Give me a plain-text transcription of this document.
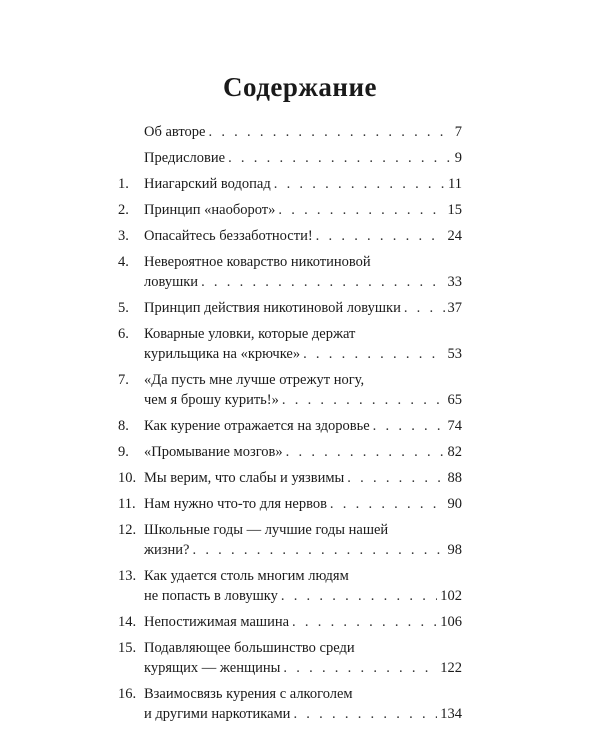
Содержание
Об авторе . . .	7
Предисловие . . .	9
1.	Ниагарский водопад . . .	11
2.	Принцип «наоборот» . . .	15
3.	Опасайтесь беззаботности! . . .	24
4.	Невероятное коварство никотиновой
ловушки . . .	33
5.	Принцип действия никотиновой ловушки . . .	37
6.	Коварные уловки, которые держат
курильщика на «крючке» . . .	53
7.	«Да пусть мне лучше отрежут ногу,
чем я брошу курить!» . . .	65
8.	Как курение отражается на здоровье . . .	74
9.	«Промывание мозгов» . . .	82
10. Мы верим, что слабы и уязвимы . . .	88
11. Нам нужно что-то для нервов . . .	90
12. Школьные годы — лучшие годы нашей
жизни? . . .	98
13. Как удается столь многим людям
не попасть в ловушку . . .	102
14. Непостижимая машина . . .	106
15. Подавляющее большинство среди
курящих — женщины . . .	122
16. Взаимосвязь курения с алкоголем
и другими наркотиками . . .	134
